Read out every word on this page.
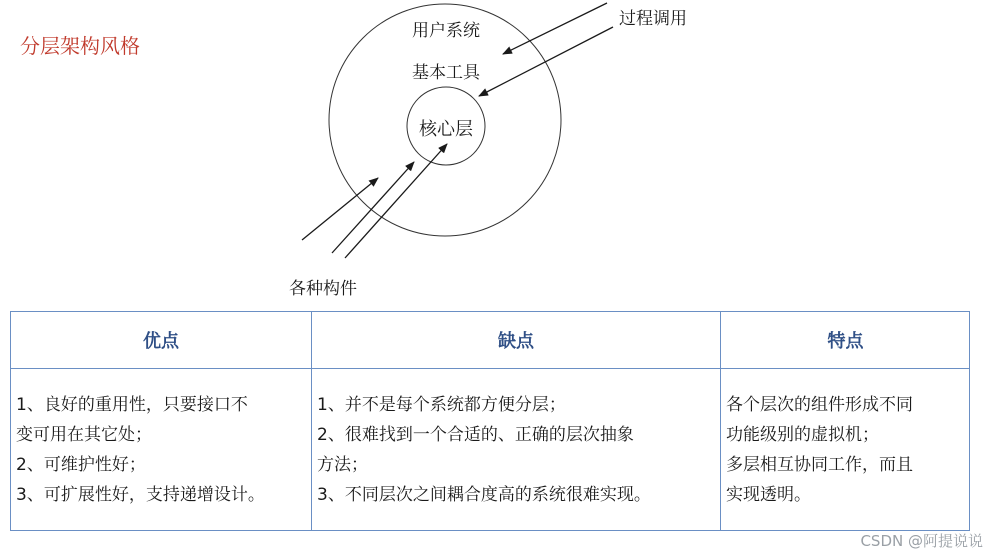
分层架构风格
用户系统
基本工具
核心层
过程调用
各种构件
优点	缺点	特点
1、良好的重用性，只要接口不
变可用在其它处；
2、可维护性好；
3、可扩展性好，支持递增设计。
1、并不是每个系统都方便分层；
2、很难找到一个合适的、正确的层次抽象
方法；
3、不同层次之间耦合度高的系统很难实现。
各个层次的组件形成不同
功能级别的虚拟机；
多层相互协同工作，而且
实现透明。
CSDN @阿提说说
